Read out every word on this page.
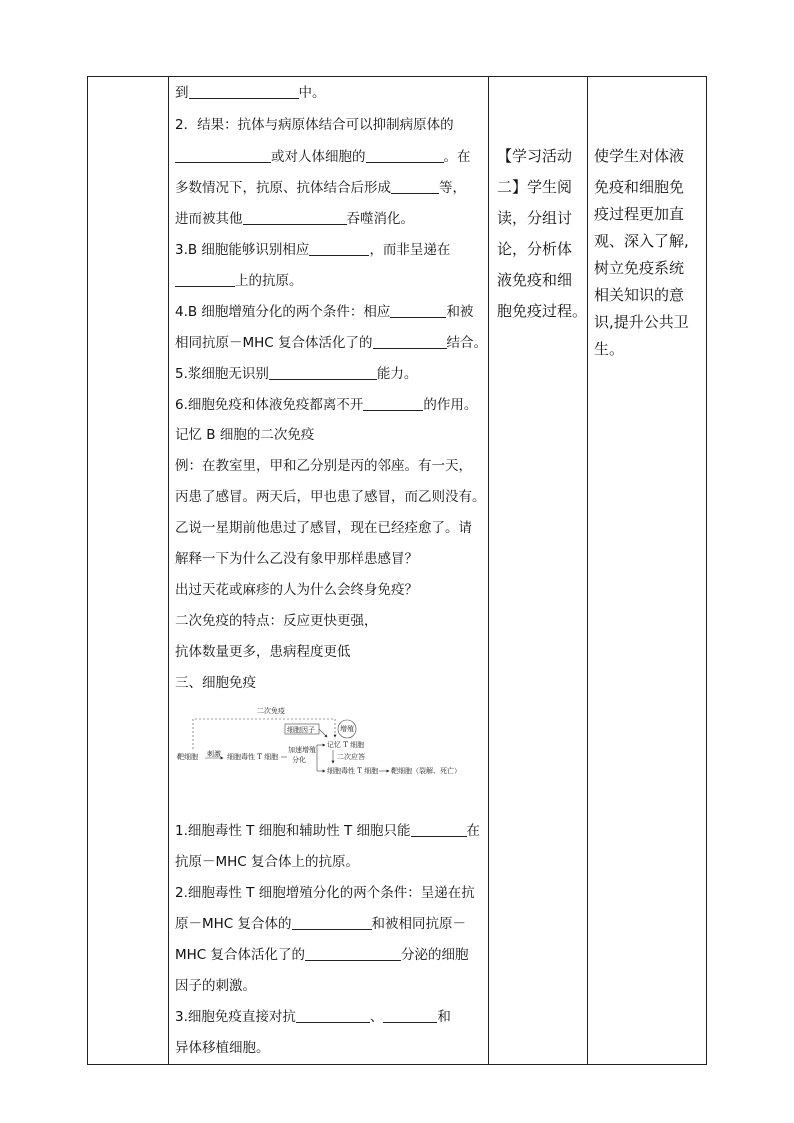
到	中。
2．结果：抗体与病原体结合可以抑制病原体的
或对人体细胞的	。在
多数情况下，抗原、抗体结合后形成	等，
进而被其他	吞噬消化。
3.B 细胞能够识别相应	，而非呈递在
上的抗原。
4.B 细胞增殖分化的两个条件：相应	和被
相同抗原－MHC 复合体活化了的	结合。
5.浆细胞无识别	能力。
6.细胞免疫和体液免疫都离不开	的作用。
记忆 B 细胞的二次免疫
例：在教室里，甲和乙分别是丙的邻座。有一天，
丙患了感冒。两天后，甲也患了感冒，而乙则没有。
乙说一星期前他患过了感冒，现在已经痊愈了。请
解释一下为什么乙没有象甲那样患感冒？
出过天花或麻疹的人为什么会终身免疫？
二次免疫的特点：反应更快更强，
抗体数量更多，患病程度更低
三、细胞免疫
二次免疫
细胞因子	增殖
靶细胞 刺激 细胞毒性 T 细胞
加速增殖
分化
记忆 T 细胞
二次应答
细胞毒性 T 细胞 靶细胞（裂解、死亡）
1.细胞毒性 T 细胞和辅助性 T 细胞只能	在
抗原－MHC 复合体上的抗原。
2.细胞毒性 T 细胞增殖分化的两个条件：呈递在抗
原－MHC 复合体的	和被相同抗原－
MHC 复合体活化了的	分泌的细胞
因子的刺激。
3.细胞免疫直接对抗	、	和
异体移植细胞。
【学习活动
二】学生阅
读，分组讨
论，分析体
液免疫和细
胞免疫过程。
使学生对体液
免疫和细胞免
疫过程更加直
观、深入了解,
树立免疫系统
相关知识的意
识,提升公共卫
生。
